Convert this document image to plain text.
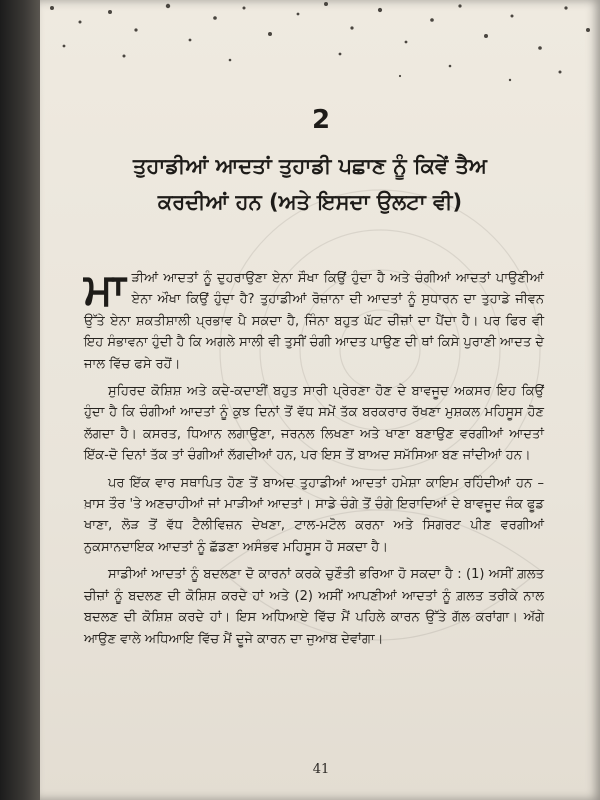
2
ਤੁਹਾਡੀਆਂ ਆਦਤਾਂ ਤੁਹਾਡੀ ਪਛਾਣ ਨੂੰ ਕਿਵੇਂ ਤੈਅ
ਕਰਦੀਆਂ ਹਨ (ਅਤੇ ਇਸਦਾ ਉਲਟਾ ਵੀ)

ਮਾੜੀਆਂ ਆਦਤਾਂ ਨੂੰ ਦੁਹਰਾਉਣਾ ਏਨਾ ਸੌਖਾ ਕਿਉਂ ਹੁੰਦਾ ਹੈ ਅਤੇ ਚੰਗੀਆਂ ਆਦਤਾਂ ਪਾਉਣੀਆਂ ਏਨਾ ਔਖਾ ਕਿਉਂ ਹੁੰਦਾ ਹੈ? ਤੁਹਾਡੀਆਂ ਰੋਜ਼ਾਨਾ ਦੀ ਆਦਤਾਂ ਨੂੰ ਸੁਧਾਰਨ ਦਾ ਤੁਹਾਡੇ ਜੀਵਨ ਉੱਤੇ ਏਨਾ ਸ਼ਕਤੀਸ਼ਾਲੀ ਪ੍ਰਭਾਵ ਪੈ ਸਕਦਾ ਹੈ, ਜਿੰਨਾ ਬਹੁਤ ਘੱਟ ਚੀਜ਼ਾਂ ਦਾ ਪੈਂਦਾ ਹੈ। ਪਰ ਫਿਰ ਵੀ ਇਹ ਸੰਭਾਵਨਾ ਹੁੰਦੀ ਹੈ ਕਿ ਅਗਲੇ ਸਾਲੀ ਵੀ ਤੁਸੀਂ ਚੰਗੀ ਆਦਤ ਪਾਉਣ ਦੀ ਥਾਂ ਕਿਸੇ ਪੁਰਾਣੀ ਆਦਤ ਦੇ ਜਾਲ ਵਿੱਚ ਫਸੇ ਰਹੋਂ।

ਸੁਹਿਰਦ ਕੋਸ਼ਿਸ਼ ਅਤੇ ਕਦੇ-ਕਦਾਈਂ ਬਹੁਤ ਸਾਰੀ ਪ੍ਰੇਰਣਾ ਹੋਣ ਦੇ ਬਾਵਜੂਦ ਅਕਸਰ ਇਹ ਕਿਉਂ ਹੁੰਦਾ ਹੈ ਕਿ ਚੰਗੀਆਂ ਆਦਤਾਂ ਨੂੰ ਕੁਝ ਦਿਨਾਂ ਤੋਂ ਵੱਧ ਸਮੇਂ ਤੱਕ ਬਰਕਰਾਰ ਰੱਖਣਾ ਮੁਸ਼ਕਲ ਮਹਿਸੂਸ ਹੋਣ ਲੱਗਦਾ ਹੈ। ਕਸਰਤ, ਧਿਆਨ ਲਗਾਉਣਾ, ਜਰਨਲ ਲਿਖਣਾ ਅਤੇ ਖਾਣਾ ਬਣਾਉਣ ਵਰਗੀਆਂ ਆਦਤਾਂ ਇੱਕ-ਦੋ ਦਿਨਾਂ ਤੱਕ ਤਾਂ ਚੰਗੀਆਂ ਲੱਗਦੀਆਂ ਹਨ, ਪਰ ਇਸ ਤੋਂ ਬਾਅਦ ਸਮੱਸਿਆ ਬਣ ਜਾਂਦੀਆਂ ਹਨ।

ਪਰ ਇੱਕ ਵਾਰ ਸਥਾਪਿਤ ਹੋਣ ਤੋਂ ਬਾਅਦ ਤੁਹਾਡੀਆਂ ਆਦਤਾਂ ਹਮੇਸ਼ਾ ਕਾਇਮ ਰਹਿੰਦੀਆਂ ਹਨ – ਖ਼ਾਸ ਤੌਰ 'ਤੇ ਅਣਚਾਹੀਆਂ ਜਾਂ ਮਾੜੀਆਂ ਆਦਤਾਂ। ਸਾਡੇ ਚੰਗੇ ਤੋਂ ਚੰਗੇ ਇਰਾਦਿਆਂ ਦੇ ਬਾਵਜੂਦ ਜੰਕ ਫੂਡ ਖਾਣਾ, ਲੋੜ ਤੋਂ ਵੱਧ ਟੈਲੀਵਿਜ਼ਨ ਦੇਖਣਾ, ਟਾਲ-ਮਟੋਲ ਕਰਨਾ ਅਤੇ ਸਿਗਰਟ ਪੀਣ ਵਰਗੀਆਂ ਨੁਕਸਾਨਦਾਇਕ ਆਦਤਾਂ ਨੂੰ ਛੱਡਣਾ ਅਸੰਭਵ ਮਹਿਸੂਸ ਹੋ ਸਕਦਾ ਹੈ।

ਸਾਡੀਆਂ ਆਦਤਾਂ ਨੂੰ ਬਦਲਣਾ ਦੋ ਕਾਰਨਾਂ ਕਰਕੇ ਚੁਣੌਤੀ ਭਰਿਆ ਹੋ ਸਕਦਾ ਹੈ : (1) ਅਸੀਂ ਗ਼ਲਤ ਚੀਜ਼ਾਂ ਨੂੰ ਬਦਲਣ ਦੀ ਕੋਸ਼ਿਸ਼ ਕਰਦੇ ਹਾਂ ਅਤੇ (2) ਅਸੀਂ ਆਪਣੀਆਂ ਆਦਤਾਂ ਨੂੰ ਗ਼ਲਤ ਤਰੀਕੇ ਨਾਲ ਬਦਲਣ ਦੀ ਕੋਸ਼ਿਸ਼ ਕਰਦੇ ਹਾਂ। ਇਸ ਅਧਿਆਏ ਵਿੱਚ ਮੈਂ ਪਹਿਲੇ ਕਾਰਨ ਉੱਤੇ ਗੱਲ ਕਰਾਂਗਾ। ਅੱਗੇ ਆਉਣ ਵਾਲੇ ਅਧਿਆਇ ਵਿੱਚ ਮੈਂ ਦੂਜੇ ਕਾਰਨ ਦਾ ਜੁਆਬ ਦੇਵਾਂਗਾ।

41
